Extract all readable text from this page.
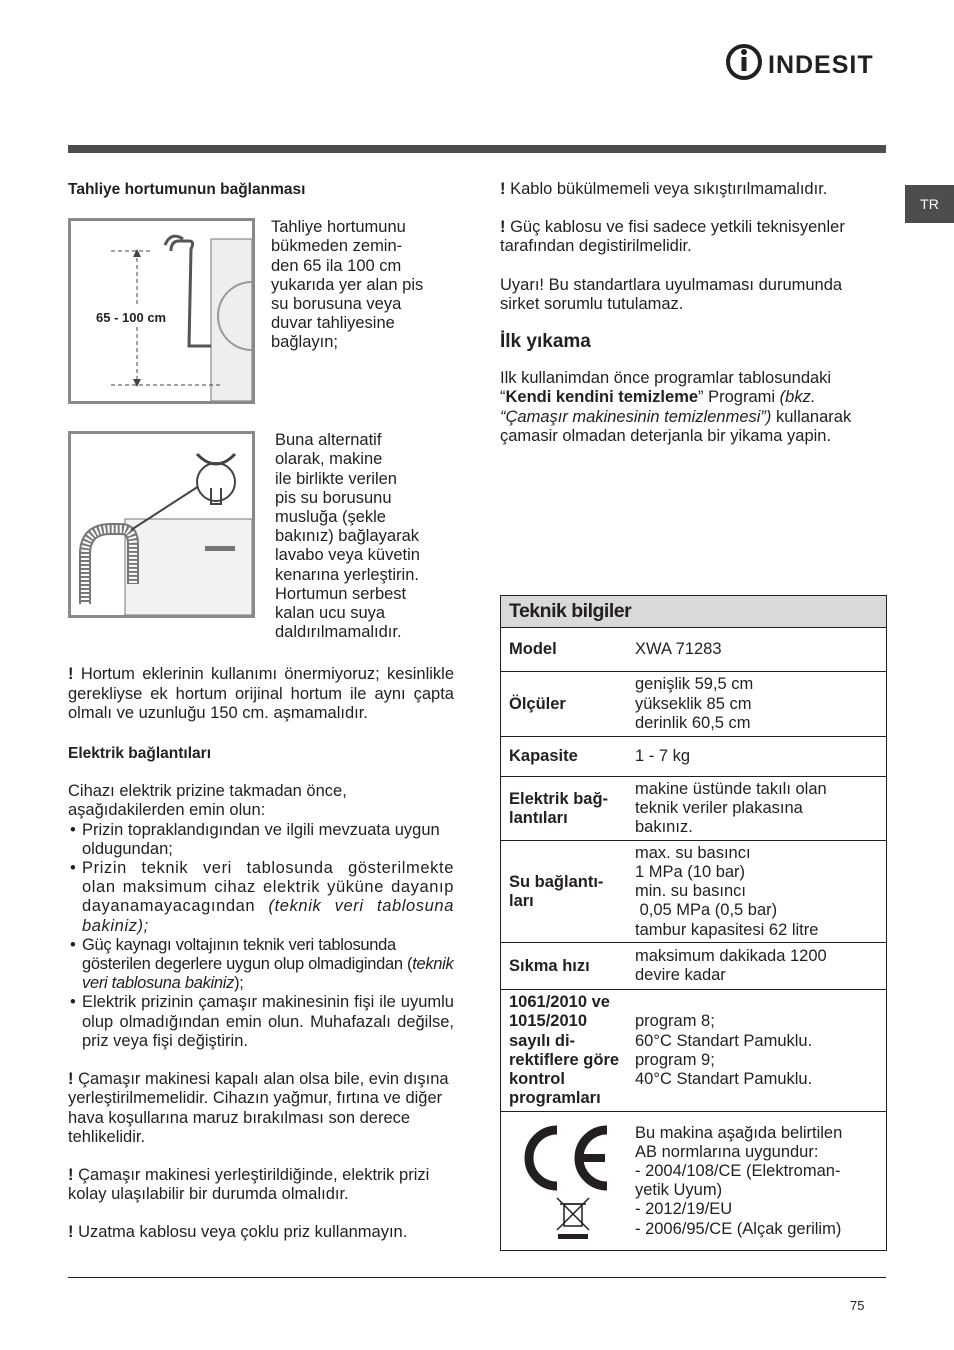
INDESIT
TR

Tahliye hortumunun bağlanması

65 - 100 cm
Tahliye hortumunu
bükmeden zemin-
den 65 ila 100 cm
yukarıda yer alan pis
su borusuna veya
duvar tahliyesine
bağlayın;
Buna alternatif
olarak, makine
ile birlikte verilen
pis su borusunu
musluğa (şekle
bakınız) bağlayarak
lavabo veya küvetin
kenarına yerleştirin.
Hortumun serbest
kalan ucu suya
daldırılmamalıdır.

! Hortum eklerinin kullanımı önermiyoruz; kesinlikle gerekliyse ek hortum orijinal hortum ile aynı çapta olmalı ve uzunluğu 150 cm. aşmamalıdır.

Elektrik bağlantıları

Cihazı elektrik prizine takmadan önce, aşağıdakilerden emin olun:

• Prizin topraklandıgından ve ilgili mevzuata uygun oldugundan;
• Prizin teknik veri tablosunda gösterilmekte olan maksimum cihaz elektrik yüküne dayanıp dayanamayacagından (teknik veri tablosuna bakiniz);
• Güç kaynagı voltajının teknik veri tablosunda gösterilen degerlere uygun olup olmadigindan (teknik veri tablosuna bakiniz);
• Elektrik prizinin çamaşır makinesinin fişi ile uyumlu olup olmadığından emin olun. Muhafazalı değilse, priz veya fişi değiştirin.

! Çamaşır makinesi kapalı alan olsa bile, evin dışına yerleştirilmemelidir. Cihazın yağmur, fırtına ve diğer hava koşullarına maruz bırakılması son derece tehlikelidir.

! Çamaşır makinesi yerleştirildiğinde, elektrik prizi kolay ulaşılabilir bir durumda olmalıdır.

! Uzatma kablosu veya çoklu priz kullanmayın.

! Kablo bükülmemeli veya sıkıştırılmamalıdır.

! Güç kablosu ve fisi sadece yetkili teknisyenler tarafından degistirilmelidir.

Uyarı! Bu standartlara uyulmaması durumunda sirket sorumlu tutulamaz.

İlk yıkama

Ilk kullanimdan önce programlar tablosundaki “Kendi kendini temizleme” Programi (bkz. “Çamaşır makinesinin temizlenmesi”) kullanarak çamasir olmadan deterjanla bir yikama yapin.

Teknik bilgiler
Model	XWA 71283
Ölçüler
genişlik 59,5 cm
yükseklik 85 cm
derinlik 60,5 cm
Kapasite	1 - 7 kg
Elektrik bağ-lantıları
makine üstünde takılı olan
teknik veriler plakasına
bakınız.
Su bağlantı-ları
max. su basıncı
1 MPa (10 bar)
min. su basıncı
0,05 MPa (0,5 bar)
tambur kapasitesi 62 litre
Sıkma hızı
maksimum dakikada 1200
devire kadar
1061/2010 ve 1015/2010 sayılı di-rektiflere göre kontrol programları
program 8;
60°C Standart Pamuklu.
program 9;
40°C Standart Pamuklu.
Bu makina aşağıda belirtilen
AB normlarına uygundur:
- 2004/108/CE (Elektroman-
yetik Uyum)
- 2012/19/EU
- 2006/95/CE (Alçak gerilim)
75
